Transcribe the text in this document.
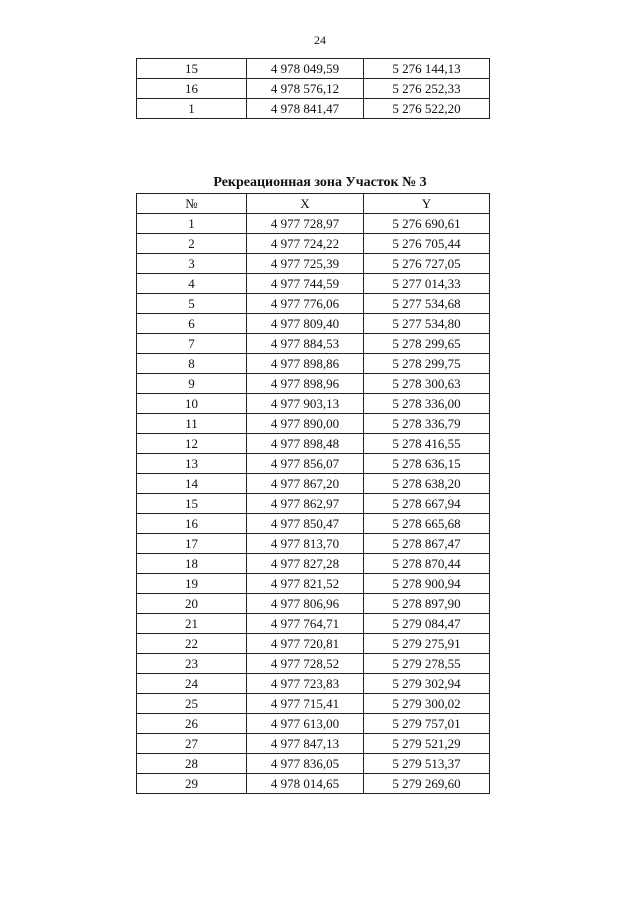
24
15	4 978 049,59	5 276 144,13
16	4 978 576,12	5 276 252,33
1	4 978 841,47	5 276 522,20
Рекреационная зона Участок № 3
№	X	Y
1	4 977 728,97	5 276 690,61
2	4 977 724,22	5 276 705,44
3	4 977 725,39	5 276 727,05
4	4 977 744,59	5 277 014,33
5	4 977 776,06	5 277 534,68
6	4 977 809,40	5 277 534,80
7	4 977 884,53	5 278 299,65
8	4 977 898,86	5 278 299,75
9	4 977 898,96	5 278 300,63
10	4 977 903,13	5 278 336,00
11	4 977 890,00	5 278 336,79
12	4 977 898,48	5 278 416,55
13	4 977 856,07	5 278 636,15
14	4 977 867,20	5 278 638,20
15	4 977 862,97	5 278 667,94
16	4 977 850,47	5 278 665,68
17	4 977 813,70	5 278 867,47
18	4 977 827,28	5 278 870,44
19	4 977 821,52	5 278 900,94
20	4 977 806,96	5 278 897,90
21	4 977 764,71	5 279 084,47
22	4 977 720,81	5 279 275,91
23	4 977 728,52	5 279 278,55
24	4 977 723,83	5 279 302,94
25	4 977 715,41	5 279 300,02
26	4 977 613,00	5 279 757,01
27	4 977 847,13	5 279 521,29
28	4 977 836,05	5 279 513,37
29	4 978 014,65	5 279 269,60
